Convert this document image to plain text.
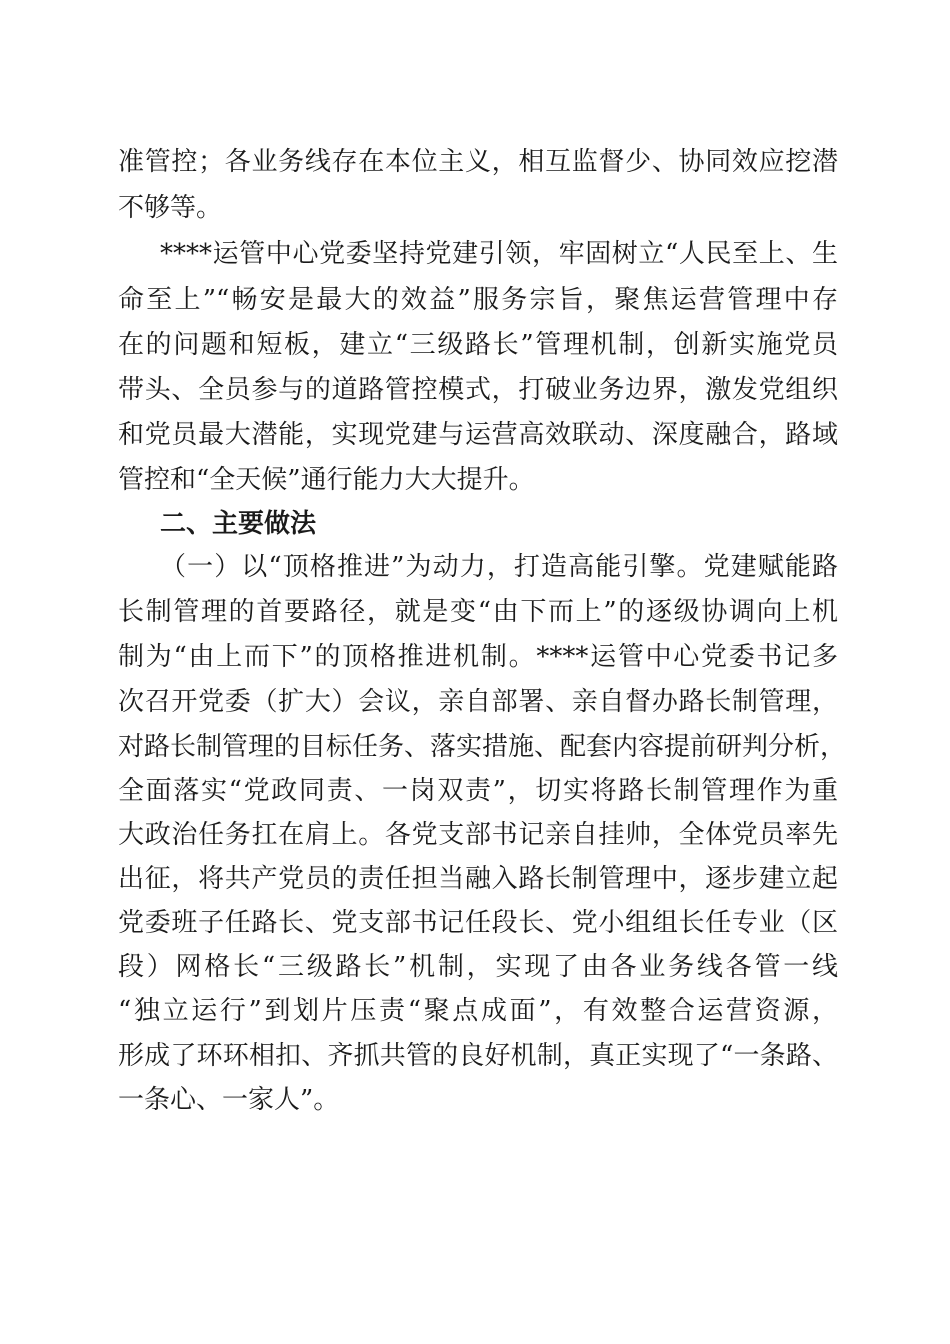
准管控；各业务线存在本位主义，相互监督少、协同效应挖潜
不够等。
****运管中心党委坚持党建引领，牢固树立“人民至上、生
命至上”“畅安是最大的效益”服务宗旨，聚焦运营管理中存
在的问题和短板，建立“三级路长”管理机制，创新实施党员
带头、全员参与的道路管控模式，打破业务边界，激发党组织
和党员最大潜能，实现党建与运营高效联动、深度融合，路域
管控和“全天候”通行能力大大提升。
二、主要做法
（一）以“顶格推进”为动力，打造高能引擎。党建赋能路
长制管理的首要路径，就是变“由下而上”的逐级协调向上机
制为“由上而下”的顶格推进机制。****运管中心党委书记多
次召开党委（扩大）会议，亲自部署、亲自督办路长制管理，
对路长制管理的目标任务、落实措施、配套内容提前研判分析，
全面落实“党政同责、一岗双责”，切实将路长制管理作为重
大政治任务扛在肩上。各党支部书记亲自挂帅，全体党员率先
出征，将共产党员的责任担当融入路长制管理中，逐步建立起
党委班子任路长、党支部书记任段长、党小组组长任专业（区
段）网格长“三级路长”机制，实现了由各业务线各管一线
“独立运行”到划片压责“聚点成面”，有效整合运营资源，
形成了环环相扣、齐抓共管的良好机制，真正实现了“一条路、
一条心、一家人”。
